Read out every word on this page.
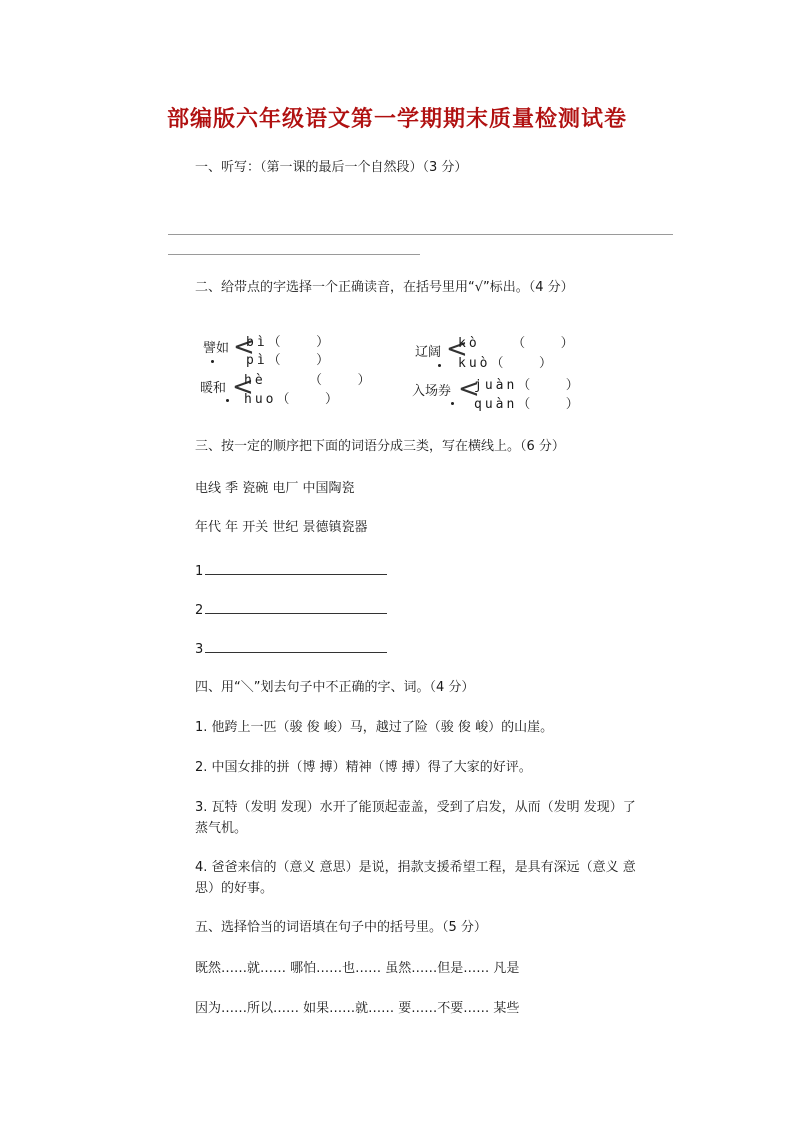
部编版六年级语文第一学期期末质量检测试卷
一、听写：（第一课的最后一个自然段）（3 分）
二、给带点的字选择一个正确读音，在括号里用“√”标出。（4 分）
譬如 <
bì（   ）
pì（   ）
辽阔 <
kò   （   ）
kuò（   ）
暖和 <
hè    （   ）
huo（   ）
入场券 <
juàn（   ）
quàn（   ）
三、按一定的顺序把下面的词语分成三类，写在横线上。（6 分）
电线 季 瓷碗 电厂 中国陶瓷
年代 年 开关 世纪 景德镇瓷器
1
2
3
四、用“＼”划去句子中不正确的字、词。（4 分）
1. 他跨上一匹（骏 俊 峻）马，越过了险（骏 俊 峻）的山崖。
2. 中国女排的拼（博 搏）精神（博 搏）得了大家的好评。
3. 瓦特（发明 发现）水开了能顶起壶盖，受到了启发，从而（发明 发现）了
蒸气机。
4. 爸爸来信的（意义 意思）是说，捐款支援希望工程，是具有深远（意义 意
思）的好事。
五、选择恰当的词语填在句子中的括号里。（5 分）
既然……就…… 哪怕……也…… 虽然……但是…… 凡是
因为……所以…… 如果……就…… 要……不要…… 某些
